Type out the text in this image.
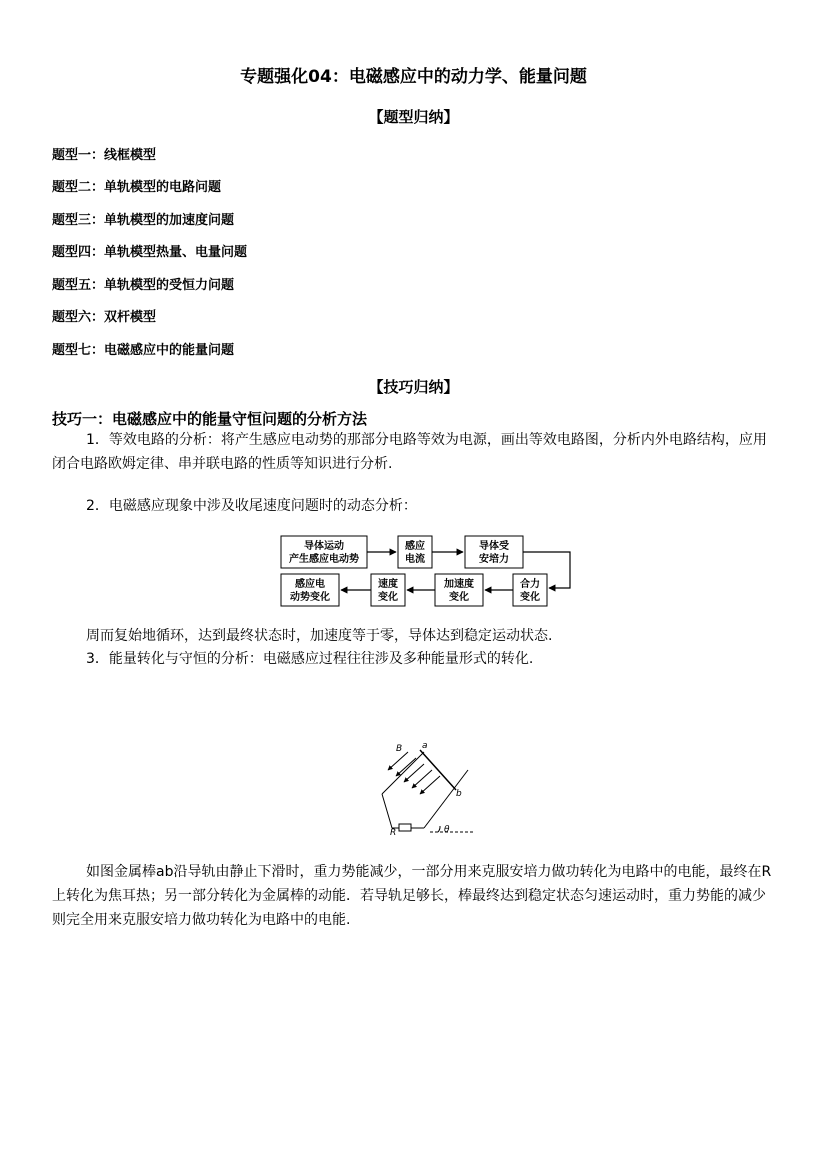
专题强化04：电磁感应中的动力学、能量问题
【题型归纳】
题型一：线框模型
题型二：单轨模型的电路问题
题型三：单轨模型的加速度问题
题型四：单轨模型热量、电量问题
题型五：单轨模型的受恒力问题
题型六：双杆模型
题型七：电磁感应中的能量问题
【技巧归纳】
技巧一：电磁感应中的能量守恒问题的分析方法
1．等效电路的分析：将产生感应电动势的那部分电路等效为电源，画出等效电路图，分析内外电路结构，应用闭合电路欧姆定律、串并联电路的性质等知识进行分析.
2．电磁感应现象中涉及收尾速度问题时的动态分析：
导体运动
产生感应电动势
感应
电流
导体受
安培力
合力
变化
加速度
变化
速度
变化
感应电
动势变化
周而复始地循环，达到最终状态时，加速度等于零，导体达到稳定运动状态.
3．能量转化与守恒的分析：电磁感应过程往往涉及多种能量形式的转化.
B a
b
R	θ
如图金属棒ab沿导轨由静止下滑时，重力势能减少，一部分用来克服安培力做功转化为电路中的电能，最终在R上转化为焦耳热；另一部分转化为金属棒的动能．若导轨足够长，棒最终达到稳定状态匀速运动时，重力势能的减少则完全用来克服安培力做功转化为电路中的电能.
